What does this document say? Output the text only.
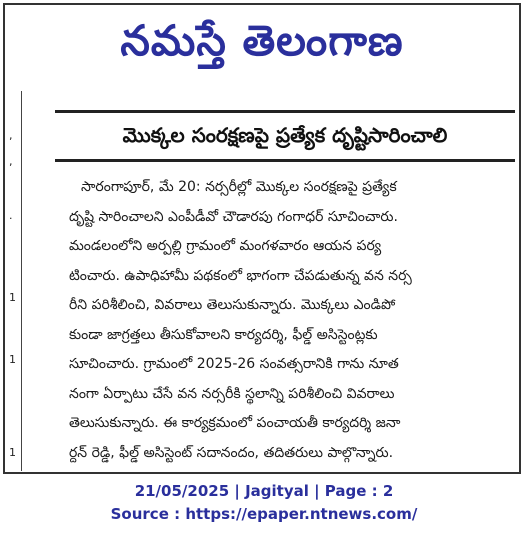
నమస్తే తెలంగాణ
,
,
.
1
1
1
మొక్కల సంరక్షణపై ప్రత్యేక దృష్టిసారించాలి
సారంగాపూర్, మే 20: నర్సరీల్లో మొక్కల సంరక్షణపై ప్రత్యేక
దృష్టి సారించాలని ఎంపీడీవో చౌడారపు గంగాధర్ సూచించారు.
మండలంలోని అర్పల్లి గ్రామంలో మంగళవారం ఆయన పర్య
టించారు. ఉపాధిహామీ పథకంలో భాగంగా చేపడుతున్న వన నర్స
రీని పరిశీలించి, వివరాలు తెలుసుకున్నారు. మొక్కలు ఎండిపో
కుండా జాగ్రత్తలు తీసుకోవాలని కార్యదర్శి, ఫీల్డ్ అసిస్టెంట్లకు
సూచించారు. గ్రామంలో 2025-26 సంవత్సరానికి గాను నూత
నంగా ఏర్పాటు చేసే వన నర్సరీకి స్థలాన్ని పరిశీలించి వివరాలు
తెలుసుకున్నారు. ఈ కార్యక్రమంలో పంచాయతీ కార్యదర్శి జనా
ర్దన్ రెడ్డి, ఫీల్డ్ అసిస్టెంట్ సదానందం, తదితరులు పాల్గొన్నారు.
21/05/2025 | Jagityal | Page : 2
Source : https://epaper.ntnews.com/
